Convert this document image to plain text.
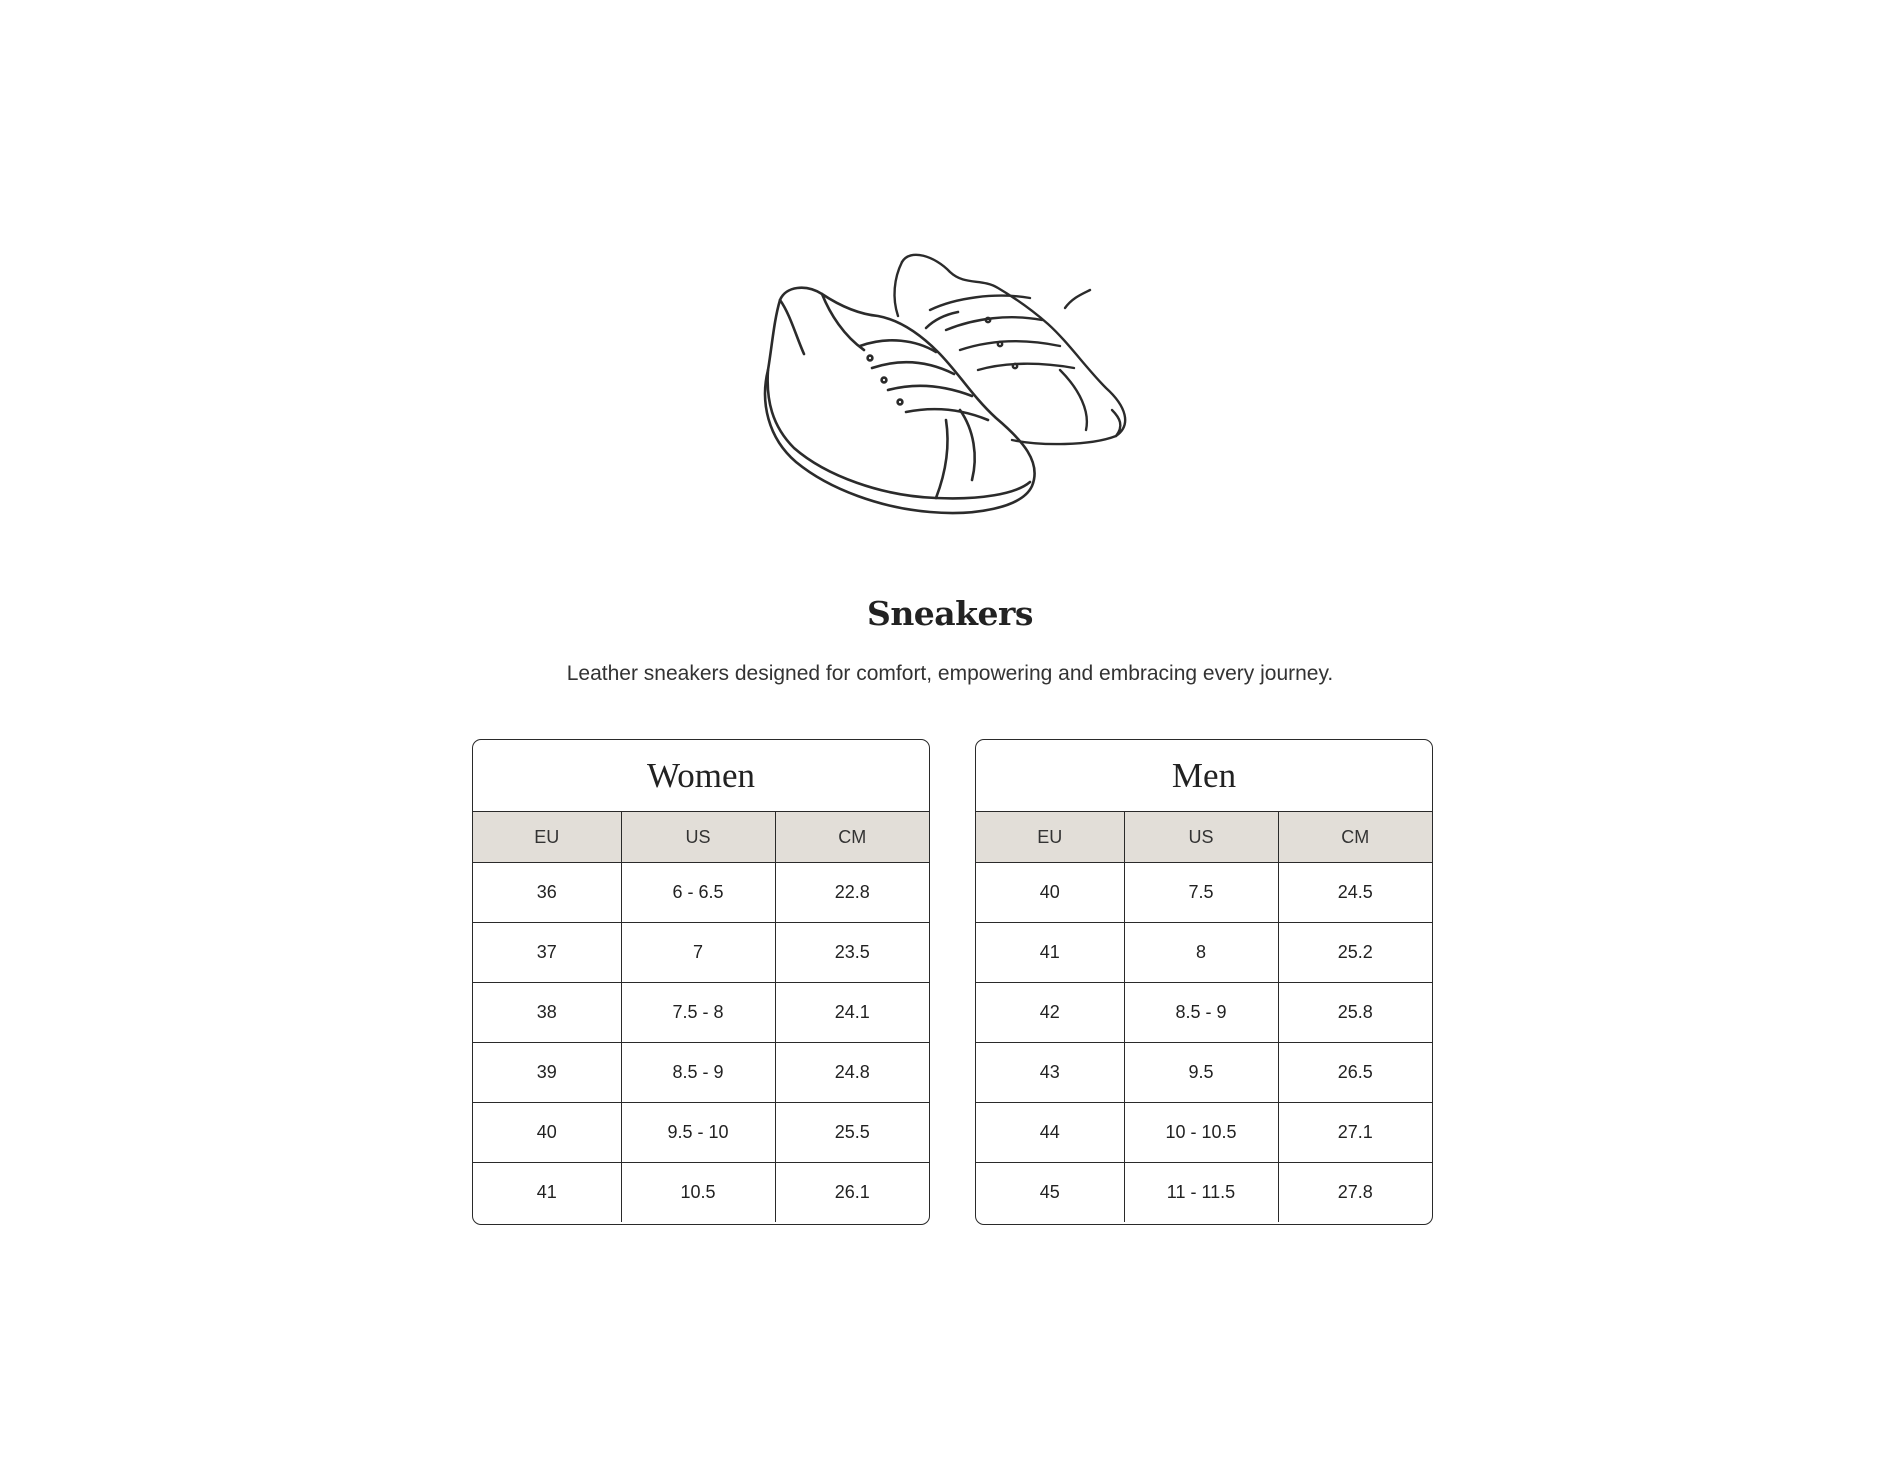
Sneakers
Leather sneakers designed for comfort, empowering and embracing every journey.
Women
EU	US	CM
36	6 - 6.5	22.8
37	7	23.5
38	7.5 - 8	24.1
39	8.5 - 9	24.8
40	9.5 - 10	25.5
41	10.5	26.1
Men
EU	US	CM
40	7.5	24.5
41	8	25.2
42	8.5 - 9	25.8
43	9.5	26.5
44	10 - 10.5	27.1
45	11 - 11.5	27.8
